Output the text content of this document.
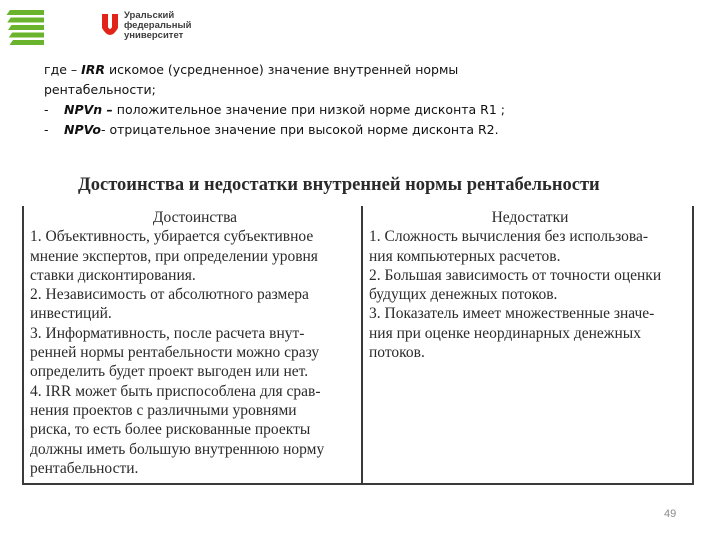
Уральский
федеральный
университет

где – IRR искомое (усредненное) значение внутренней нормы

рентабельности;

- NPVn – положительное значение при низкой норме дисконта R1 ;

- NPVo- отрицательное значение при высокой норме дисконта R2.

Достоинства и недостатки внутренней нормы рентабельности
Достоинства
1. Объективность, убирается субъективное
мнение экспертов, при определении уровня
ставки дисконтирования.
2. Независимость от абсолютного размера
инвестиций.
3. Информативность, после расчета внут-
ренней нормы рентабельности можно сразу
определить будет проект выгоден или нет.
4. IRR может быть приспособлена для срав-
нения проектов с различными уровнями
риска, то есть более рискованные проекты
должны иметь большую внутреннюю норму
рентабельности.
Недостатки
1. Сложность вычисления без использова-
ния компьютерных расчетов.
2. Большая зависимость от точности оценки
будущих денежных потоков.
3. Показатель имеет множественные значе-
ния при оценке неординарных денежных
потоков.
49
